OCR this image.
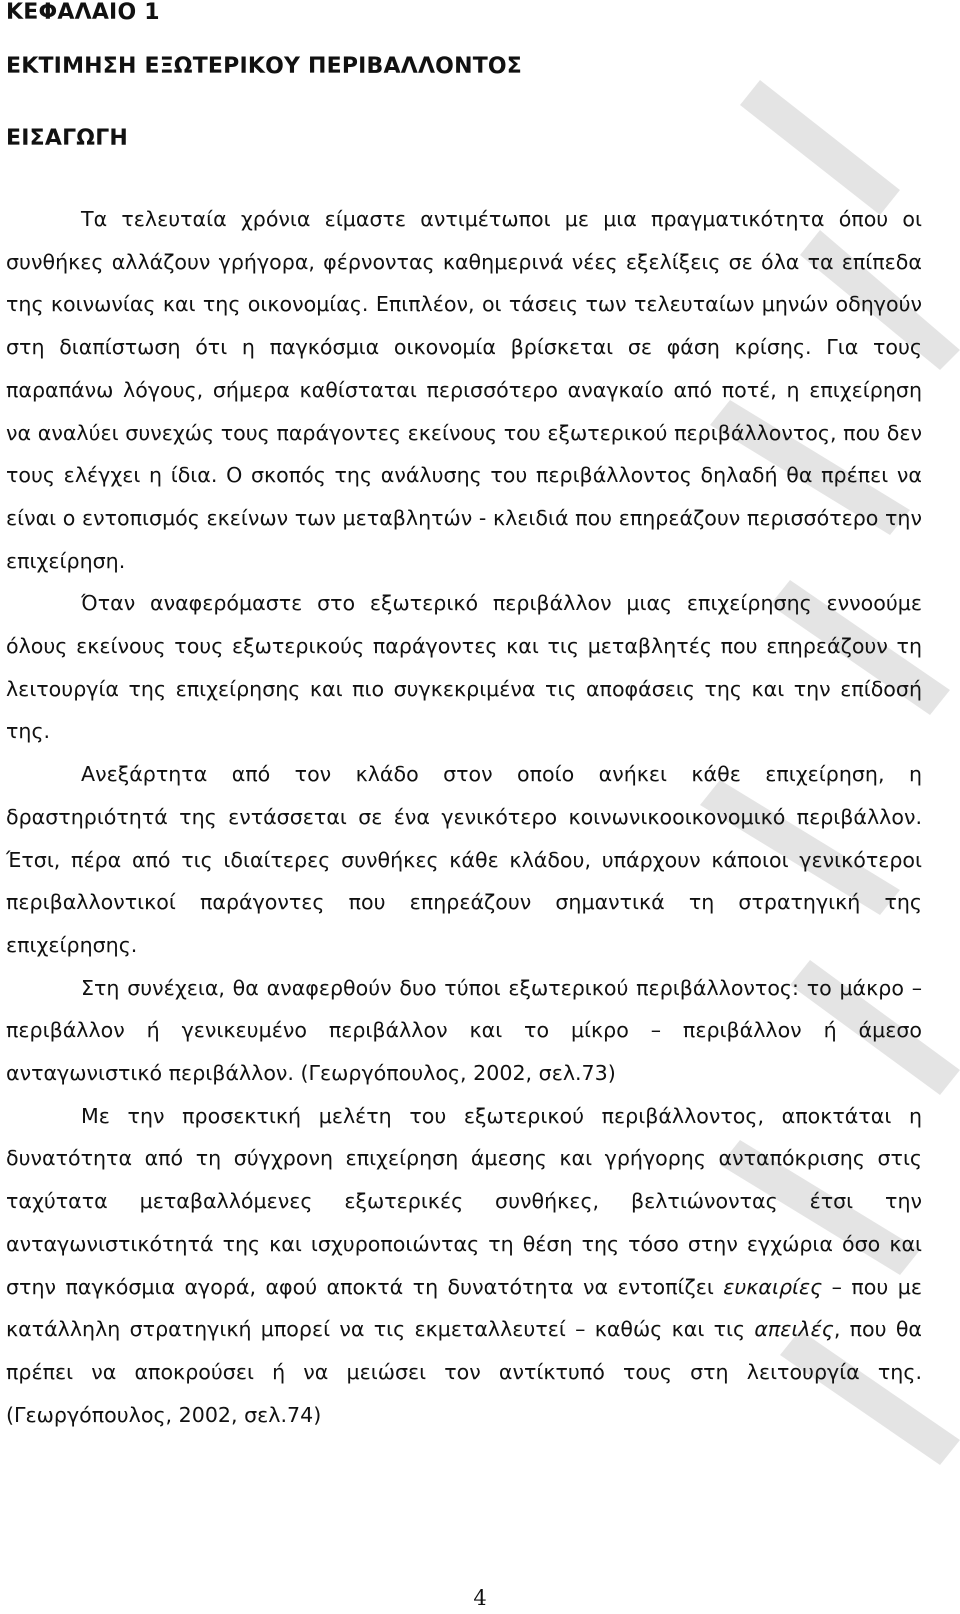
ΚΕΦΑΛΑΙΟ 1
ΕΚΤΙΜΗΣΗ ΕΞΩΤΕΡΙΚΟΥ ΠΕΡΙΒΑΛΛΟΝΤΟΣ
ΕΙΣΑΓΩΓΗ

Τα τελευταία χρόνια είμαστε αντιμέτωποι με μια πραγματικότητα όπου οι συνθήκες αλλάζουν γρήγορα, φέρνοντας καθημερινά νέες εξελίξεις σε όλα τα επίπεδα της κοινωνίας και της οικονομίας. Επιπλέον, οι τάσεις των τελευταίων μηνών οδηγούν στη διαπίστωση ότι η παγκόσμια οικονομία βρίσκεται σε φάση κρίσης. Για τους παραπάνω λόγους, σήμερα καθίσταται περισσότερο αναγκαίο από ποτέ, η επιχείρηση να αναλύει συνεχώς τους παράγοντες εκείνους του εξωτερικού περιβάλλοντος, που δεν τους ελέγχει η ίδια. Ο σκοπός της ανάλυσης του περιβάλλοντος δηλαδή θα πρέπει να είναι ο εντοπισμός εκείνων των μεταβλητών - κλειδιά που επηρεάζουν περισσότερο την επιχείρηση.

Όταν αναφερόμαστε στο εξωτερικό περιβάλλον μιας επιχείρησης εννοούμε όλους εκείνους τους εξωτερικούς παράγοντες και τις μεταβλητές που επηρεάζουν τη λειτουργία της επιχείρησης και πιο συγκεκριμένα τις αποφάσεις της και την επίδοσή της.

Ανεξάρτητα από τον κλάδο στον οποίο ανήκει κάθε επιχείρηση, η δραστηριότητά της εντάσσεται σε ένα γενικότερο κοινωνικοοικονομικό περιβάλλον. Έτσι, πέρα από τις ιδιαίτερες συνθήκες κάθε κλάδου, υπάρχουν κάποιοι γενικότεροι περιβαλλοντικοί παράγοντες που επηρεάζουν σημαντικά τη στρατηγική της επιχείρησης.

Στη συνέχεια, θα αναφερθούν δυο τύποι εξωτερικού περιβάλλοντος: το μάκρο – περιβάλλον ή γενικευμένο περιβάλλον και το μίκρο – περιβάλλον ή άμεσο ανταγωνιστικό περιβάλλον. (Γεωργόπουλος, 2002, σελ.73)

Με την προσεκτική μελέτη του εξωτερικού περιβάλλοντος, αποκτάται η δυνατότητα από τη σύγχρονη επιχείρηση άμεσης και γρήγορης ανταπόκρισης στις ταχύτατα μεταβαλλόμενες εξωτερικές συνθήκες, βελτιώνοντας έτσι την ανταγωνιστικότητά της και ισχυροποιώντας τη θέση της τόσο στην εγχώρια όσο και στην παγκόσμια αγορά, αφού αποκτά τη δυνατότητα να εντοπίζει ευκαιρίες – που με κατάλληλη στρατηγική μπορεί να τις εκμεταλλευτεί – καθώς και τις απειλές, που θα πρέπει να αποκρούσει ή να μειώσει τον αντίκτυπό τους στη λειτουργία της. (Γεωργόπουλος, 2002, σελ.74)

4
